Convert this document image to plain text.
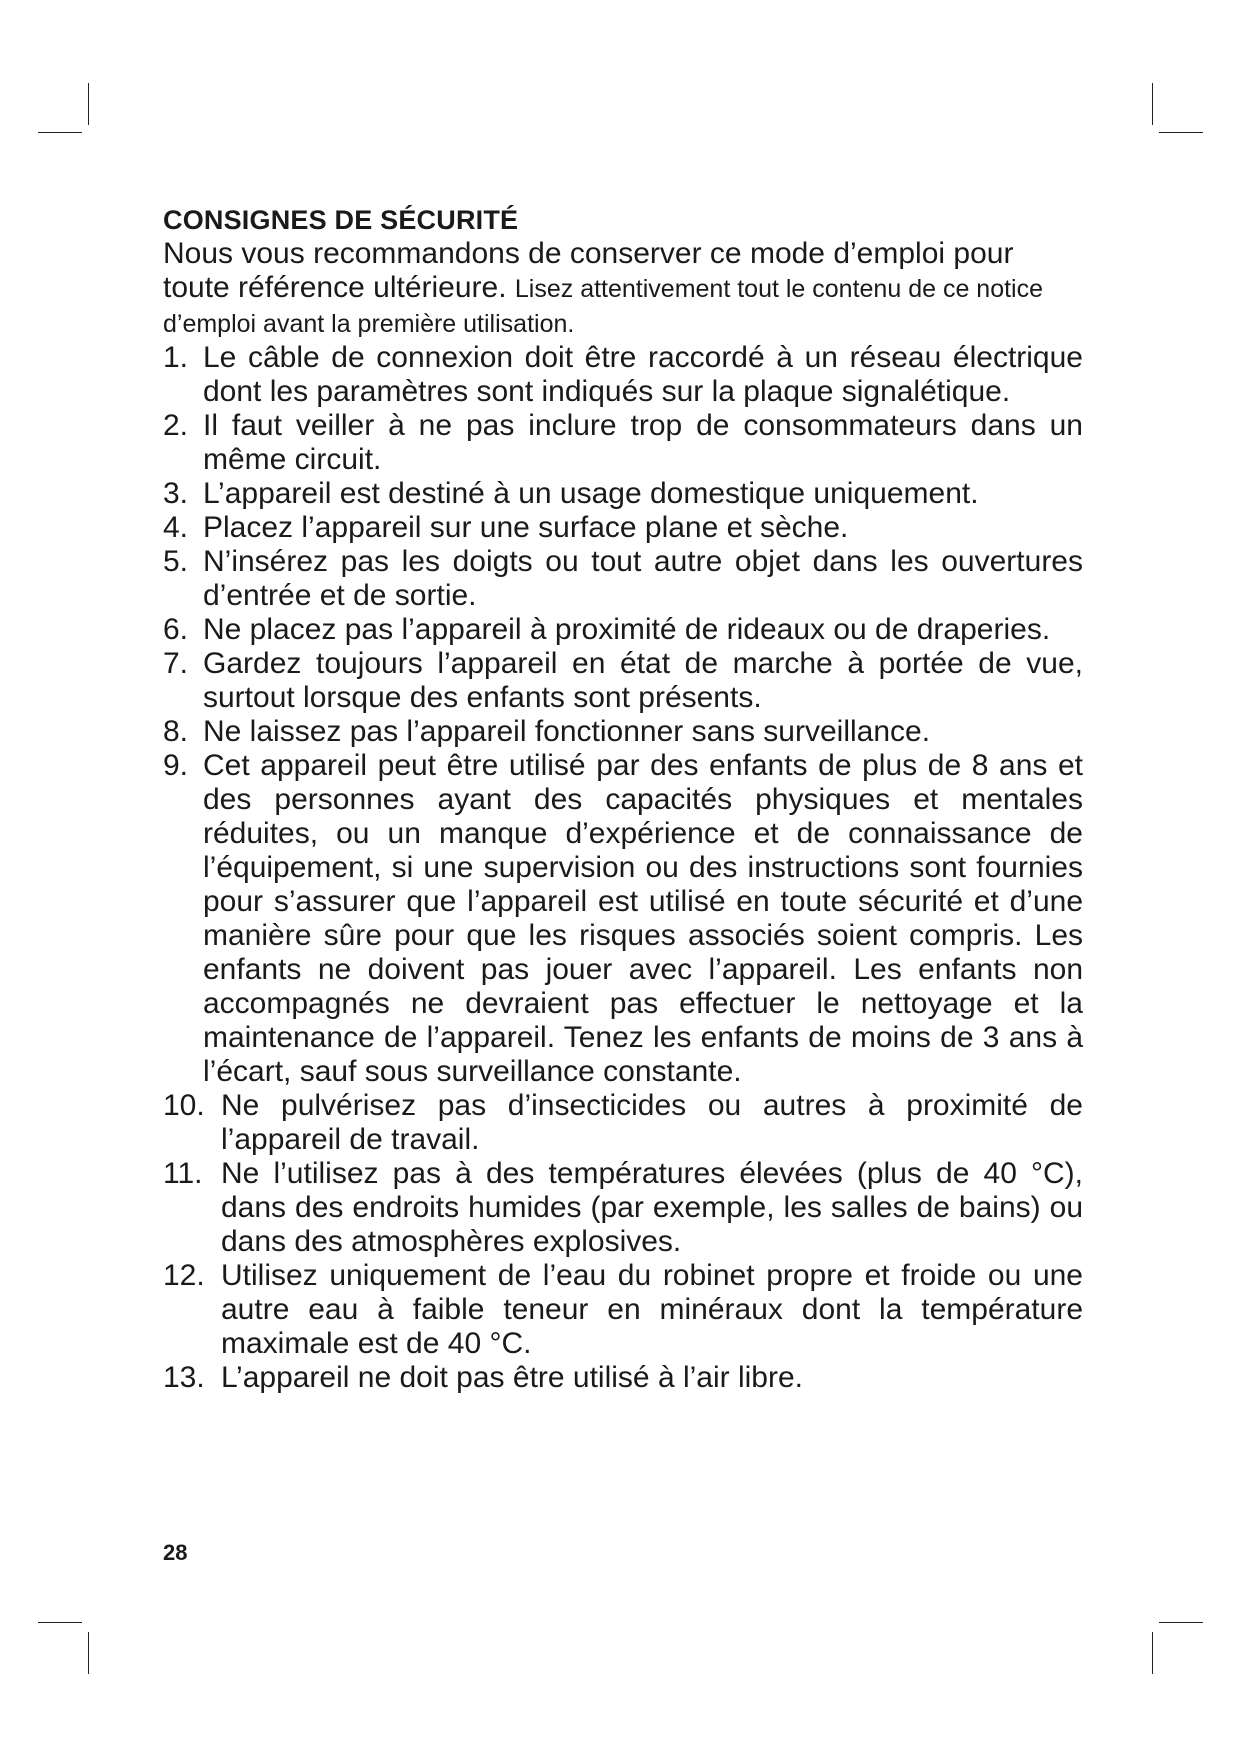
CONSIGNES DE SÉCURITÉ

Nous vous recommandons de conserver ce mode d’emploi pour toute référence ultérieure. Lisez attentivement tout le contenu de ce notice d’emploi avant la première utilisation.

1. Le câble de connexion doit être raccordé à un réseau électrique dont les paramètres sont indiqués sur la plaque signalétique.
2. Il faut veiller à ne pas inclure trop de consommateurs dans un même circuit.
3. L’appareil est destiné à un usage domestique uniquement.
4. Placez l’appareil sur une surface plane et sèche.
5. N’insérez pas les doigts ou tout autre objet dans les ouvertures d’entrée et de sortie.
6. Ne placez pas l’appareil à proximité de rideaux ou de draperies.
7. Gardez toujours l’appareil en état de marche à portée de vue, surtout lorsque des enfants sont présents.
8. Ne laissez pas l’appareil fonctionner sans surveillance.
9. Cet appareil peut être utilisé par des enfants de plus de 8 ans et des personnes ayant des capacités physiques et mentales réduites, ou un manque d’expérience et de connaissance de l’équipement, si une supervision ou des instructions sont fournies pour s’assurer que l’appareil est utilisé en toute sécurité et d’une manière sûre pour que les risques associés soient compris. Les enfants ne doivent pas jouer avec l’appareil. Les enfants non accompagnés ne devraient pas effectuer le nettoyage et la maintenance de l’appareil. Tenez les enfants de moins de 3 ans à l’écart, sauf sous surveillance constante.
10. Ne pulvérisez pas d’insecticides ou autres à proximité de l’appareil de travail.
11. Ne l’utilisez pas à des températures élevées (plus de 40 °C), dans des endroits humides (par exemple, les salles de bains) ou dans des atmosphères explosives.
12. Utilisez uniquement de l’eau du robinet propre et froide ou une autre eau à faible teneur en minéraux dont la température maximale est de 40 °C.
13. L’appareil ne doit pas être utilisé à l’air libre.

28
